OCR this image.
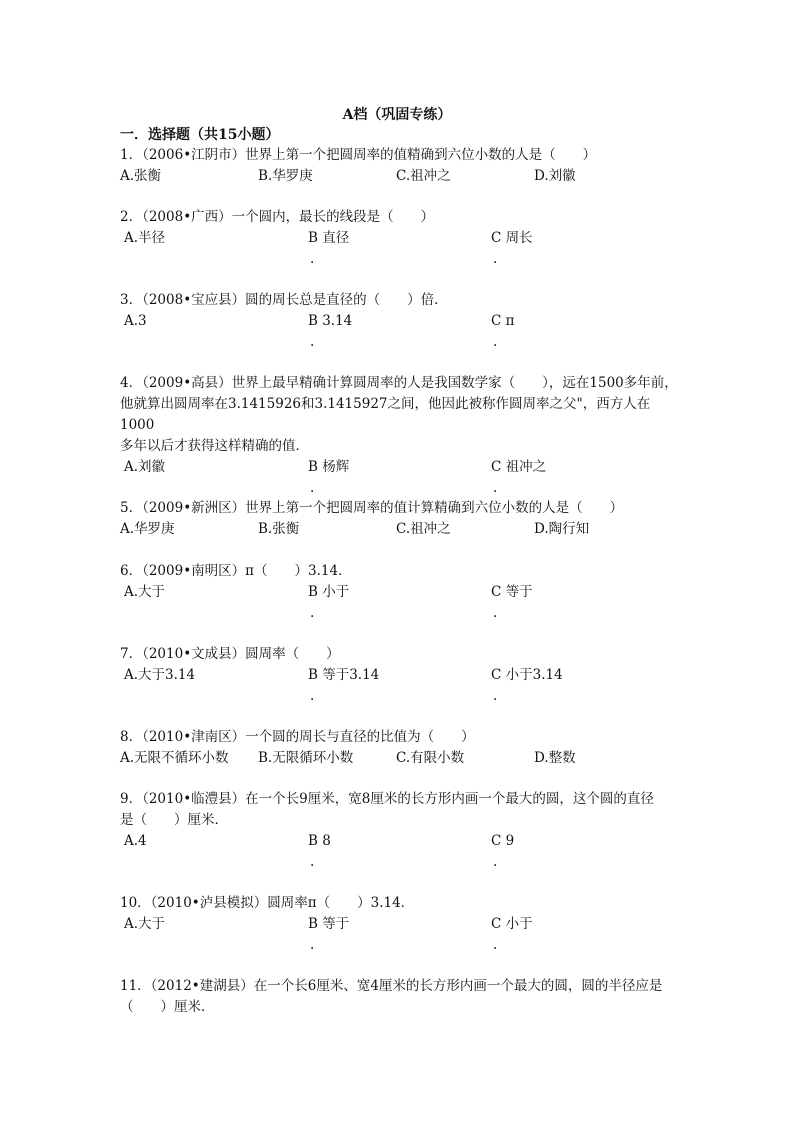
A档（巩固专练）
一．选择题（共15小题）
1．（2006•江阴市）世界上第一个把圆周率的值精确到六位小数的人是（　　）
A.张衡	B.华罗庚	C.祖冲之	D.刘徽
2．（2008•广西）一个圆内，最长的线段是（　　）
A.半径	B 直径	C 周长
.	.
3．（2008•宝应县）圆的周长总是直径的（　　）倍．
A.3	B 3.14	C π
.	.
4．（2009•高县）世界上最早精确计算圆周率的人是我国数学家（　　），远在1500多年前，
他就算出圆周率在3.1415926和3.1415927之间，他因此被称作圆周率之父"，西方人在1000
多年以后才获得这样精确的值．
A.刘徽	B 杨辉	C 祖冲之
.	.
5．（2009•新洲区）世界上第一个把圆周率的值计算精确到六位小数的人是（　　）
A.华罗庚	B.张衡	C.祖冲之	D.陶行知
6．（2009•南明区）π（　　）3.14．
A.大于	B 小于	C 等于
.	.
7．（2010•文成县）圆周率（　　）
A.大于3.14	B 等于3.14	C 小于3.14
.	.
8．（2010•津南区）一个圆的周长与直径的比值为（　　）
A.无限不循环小数 B.无限循环小数	C.有限小数	D.整数
9．（2010•临澧县）在一个长9厘米，宽8厘米的长方形内画一个最大的圆，这个圆的直径
是（　　）厘米．
A.4	B 8	C 9
.	.
10．（2010•泸县模拟）圆周率π（　　）3.14．
A.大于	B 等于	C 小于
.	.
11．（2012•建湖县）在一个长6厘米、宽4厘米的长方形内画一个最大的圆，圆的半径应是
（　　）厘米．
